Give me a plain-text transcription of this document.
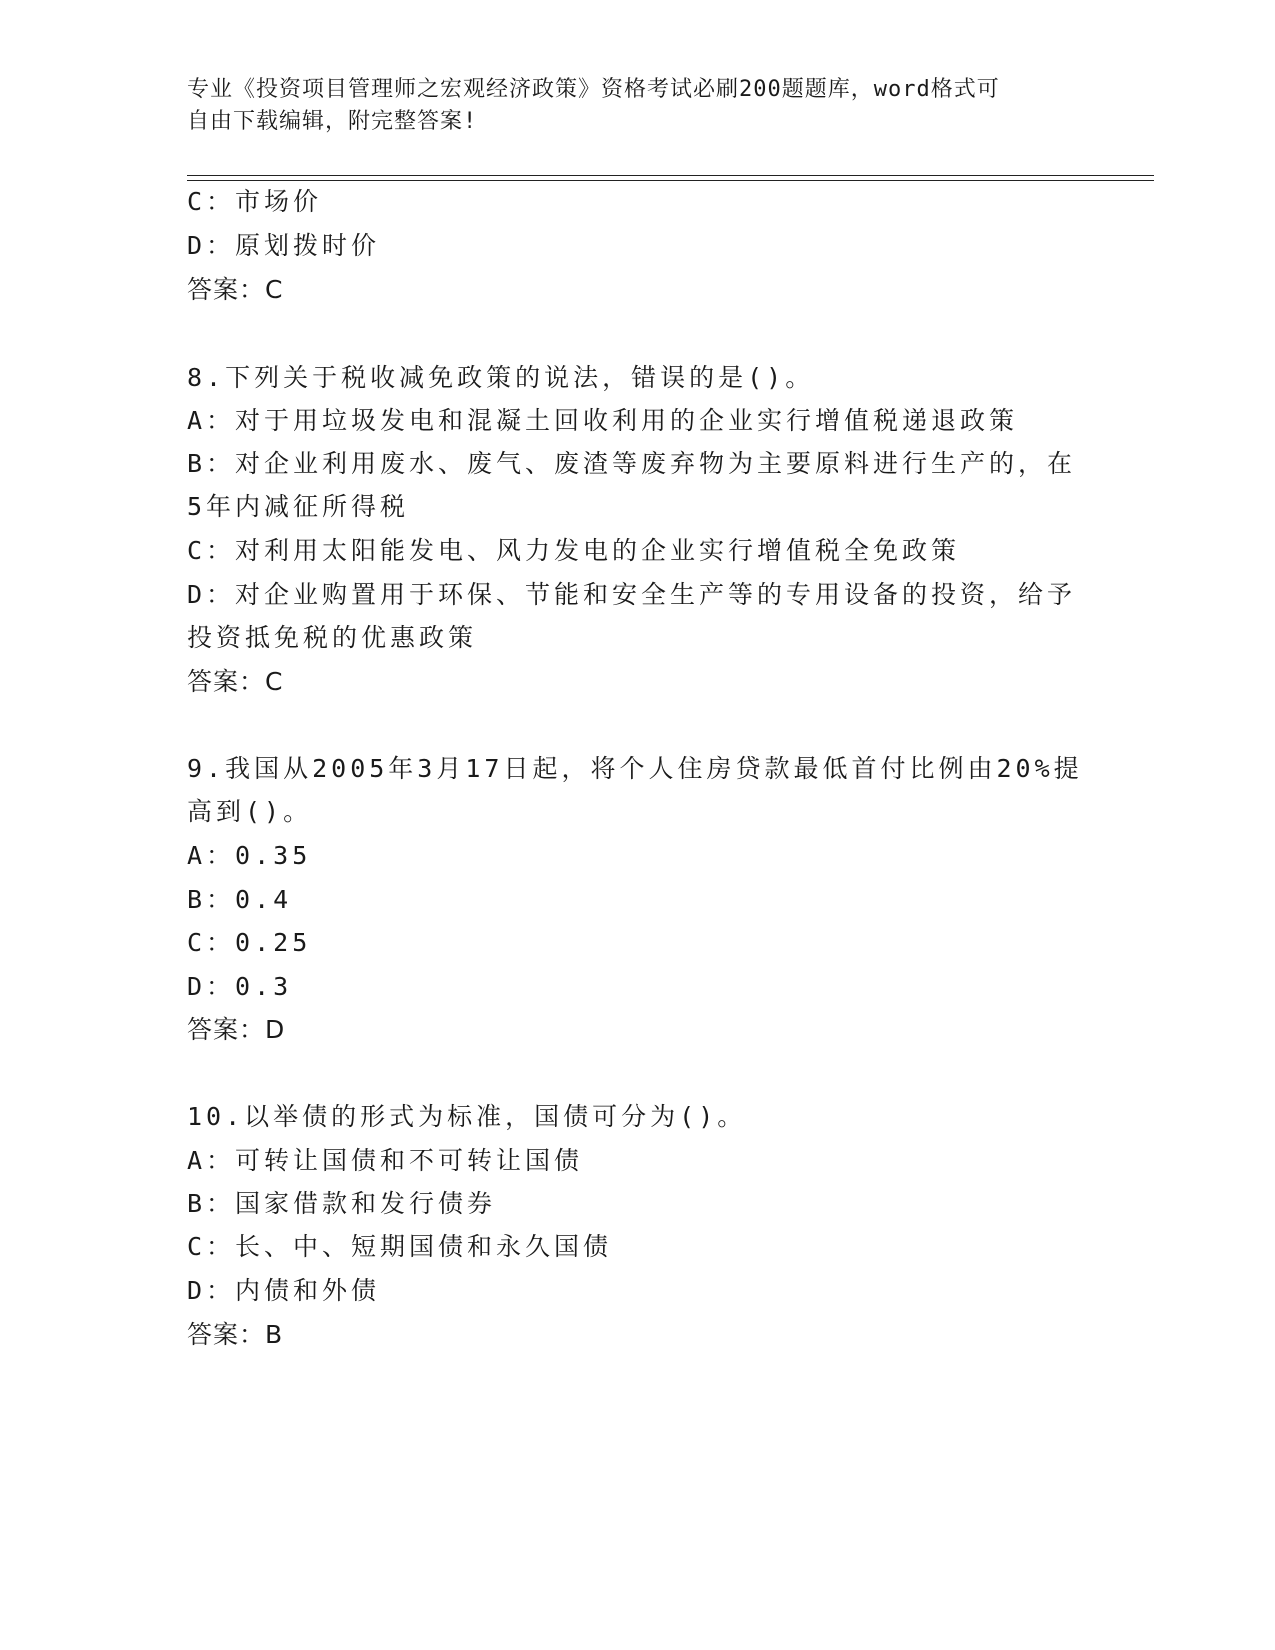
专业《投资项目管理师之宏观经济政策》资格考试必刷200题题库，word格式可
自由下载编辑，附完整答案!
C：市场价
D：原划拨时价
答案：C
8.下列关于税收减免政策的说法，错误的是()。
A：对于用垃圾发电和混凝土回收利用的企业实行增值税递退政策
B：对企业利用废水、废气、废渣等废弃物为主要原料进行生产的，在
5年内减征所得税
C：对利用太阳能发电、风力发电的企业实行增值税全免政策
D：对企业购置用于环保、节能和安全生产等的专用设备的投资，给予
投资抵免税的优惠政策
答案：C
9.我国从2005年3月17日起，将个人住房贷款最低首付比例由20%提
高到()。
A：0.35
B：0.4
C：0.25
D：0.3
答案：D
10.以举债的形式为标准，国债可分为()。
A：可转让国债和不可转让国债
B：国家借款和发行债券
C：长、中、短期国债和永久国债
D：内债和外债
答案：B
